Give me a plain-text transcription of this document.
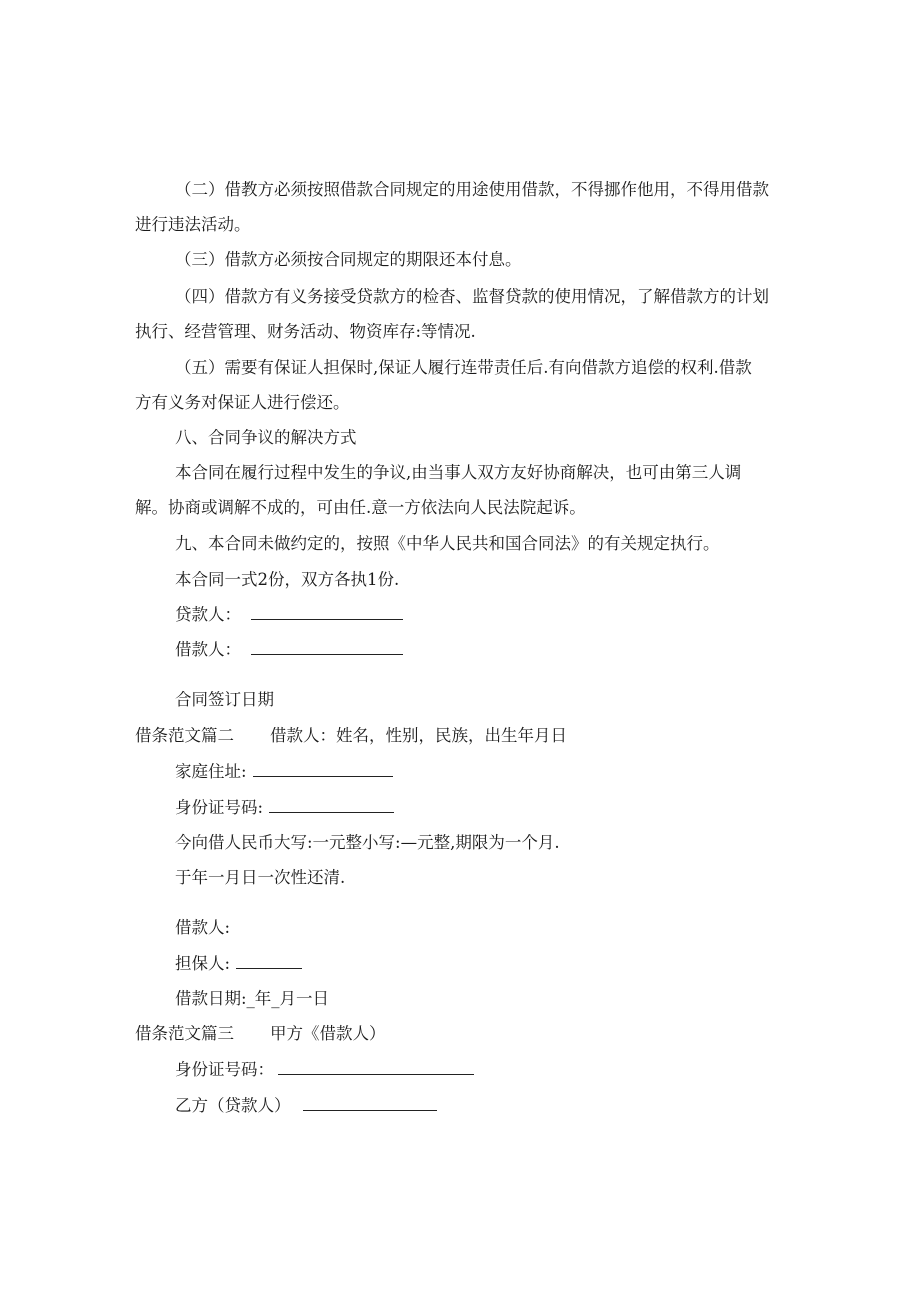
（二）借教方必须按照借款合同规定的用途使用借款，不得挪作他用，不得用借款
进行违法活动。
（三）借款方必须按合同规定的期限还本付息。
（四）借款方有义务接受贷款方的检杳、监督贷款的使用情况，了解借款方的计划
执行、经营管理、财务活动、物资库存:等情况.
（五）需要有保证人担保时,保证人履行连带责任后.有向借款方追偿的权利.借款
方有义务对保证人进行偿还。
八、合同争议的解决方式
本合同在履行过程中发生的争议,由当事人双方友好协商解决，也可由第三人调
解。协商或调解不成的，可由任.意一方依法向人民法院起诉。
九、本合同未做约定的，按照《中华人民共和国合同法》的有关规定执行。
本合同一式2份，双方各执1份.
贷款人：
借款人：
合同签订日期
借条范文篇二 借款人：姓名，性别，民族，出生年月日
家庭住址:
身份证号码:
今向借人民币大写:一元整小写:—元整,期限为一个月.
于年一月日一次性还清.
借款人:
担保人:
借款日期:_年_月一日
借条范文篇三 甲方《借款人）
身份证号码：
乙方（贷款人）
